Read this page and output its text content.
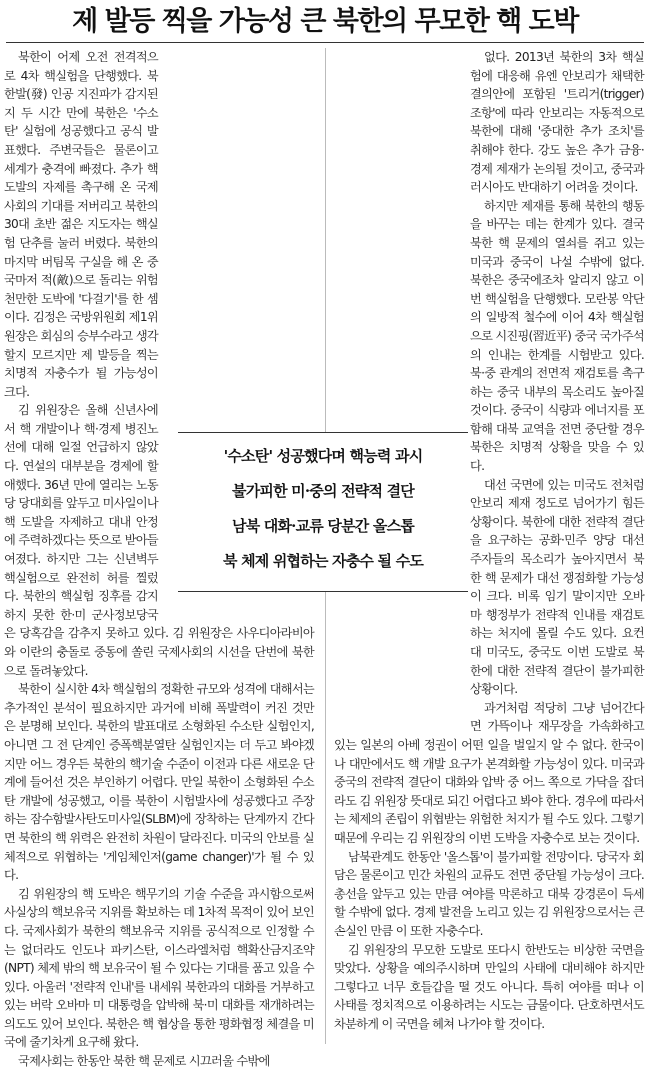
제 발등 찍을 가능성 큰 북한의 무모한 핵 도박

북한이 어제 오전 전격적으로 4차 핵실험을 단행했다. 북한발(發) 인공 지진파가 감지된 지 두 시간 만에 북한은 '수소탄' 실험에 성공했다고 공식 발표했다. 주변국들은 물론이고 세계가 충격에 빠졌다. 추가 핵 도발의 자제를 촉구해 온 국제사회의 기대를 저버리고 북한의 30대 초반 젊은 지도자는 핵실험 단추를 눌러 버렸다. 북한의 마지막 버팀목 구실을 해 온 중국마저 적(敵)으로 돌리는 위험천만한 도박에 '다걸기'를 한 셈이다. 김정은 국방위원회 제1위원장은 회심의 승부수라고 생각할지 모르지만 제 발등을 찍는 치명적 자충수가 될 가능성이 크다.

김 위원장은 올해 신년사에서 핵 개발이나 핵·경제 병진노선에 대해 일절 언급하지 않았다. 연설의 대부분을 경제에 할애했다. 36년 만에 열리는 노동당 당대회를 앞두고 미사일이나 핵 도발을 자제하고 대내 안정에 주력하겠다는 뜻으로 받아들여졌다. 하지만 그는 신년벽두 핵실험으로 완전히 허를 찔렀다. 북한의 핵실험 징후를 감지하지 못한 한·미 군사정보당국은 당혹감을 감추지 못하고 있다. 김 위원장은 사우디아라비아와 이란의 충돌로 중동에 쏠린 국제사회의 시선을 단번에 북한으로 돌려놓았다.

북한이 실시한 4차 핵실험의 정확한 규모와 성격에 대해서는 추가적인 분석이 필요하지만 과거에 비해 폭발력이 커진 것만은 분명해 보인다. 북한의 발표대로 소형화된 수소탄 실험인지, 아니면 그 전 단계인 증폭핵분열탄 실험인지는 더 두고 봐야겠지만 어느 경우든 북한의 핵기술 수준이 이전과 다른 새로운 단계에 들어선 것은 부인하기 어렵다. 만일 북한이 소형화된 수소탄 개발에 성공했고, 이를 북한이 시험발사에 성공했다고 주장하는 잠수함발사탄도미사일(SLBM)에 장착하는 단계까지 간다면 북한의 핵 위력은 완전히 차원이 달라진다. 미국의 안보를 실체적으로 위협하는 '게임체인저(game changer)'가 될 수 있다.

김 위원장의 핵 도박은 핵무기의 기술 수준을 과시함으로써 사실상의 핵보유국 지위를 확보하는 데 1차적 목적이 있어 보인다. 국제사회가 북한의 핵보유국 지위를 공식적으로 인정할 수는 없더라도 인도나 파키스탄, 이스라엘처럼 핵확산금지조약(NPT) 체제 밖의 핵 보유국이 될 수 있다는 기대를 품고 있을 수 있다. 아울러 '전략적 인내'를 내세워 북한과의 대화를 거부하고 있는 버락 오바마 미 대통령을 압박해 북·미 대화를 재개하려는 의도도 있어 보인다. 북한은 핵 협상을 통한 평화협정 체결을 미국에 줄기차게 요구해 왔다.

국제사회는 한동안 북한 핵 문제로 시끄러울 수밖에

없다. 2013년 북한의 3차 핵실험에 대응해 유엔 안보리가 채택한 결의안에 포함된 '트리거(trigger) 조항'에 따라 안보리는 자동적으로 북한에 대해 '중대한 추가 조치'를 취해야 한다. 강도 높은 추가 금융·경제 제재가 논의될 것이고, 중국과 러시아도 반대하기 어려울 것이다.

하지만 제재를 통해 북한의 행동을 바꾸는 데는 한계가 있다. 결국 북한 핵 문제의 열쇠를 쥐고 있는 미국과 중국이 나설 수밖에 없다. 북한은 중국에조차 알리지 않고 이번 핵실험을 단행했다. 모란봉 악단의 일방적 철수에 이어 4차 핵실험으로 시진핑(習近平) 중국 국가주석의 인내는 한계를 시험받고 있다. 북·중 관계의 전면적 재검토를 촉구하는 중국 내부의 목소리도 높아질 것이다. 중국이 식량과 에너지를 포함해 대북 교역을 전면 중단할 경우 북한은 치명적 상황을 맞을 수 있다.

대선 국면에 있는 미국도 전처럼 안보리 제재 정도로 넘어가기 힘든 상황이다. 북한에 대한 전략적 결단을 요구하는 공화·민주 양당 대선 주자들의 목소리가 높아지면서 북한 핵 문제가 대선 쟁점화할 가능성이 크다. 비록 임기 말이지만 오바마 행정부가 전략적 인내를 재검토하는 처지에 몰릴 수도 있다. 요컨대 미국도, 중국도 이번 도발로 북한에 대한 전략적 결단이 불가피한 상황이다.

과거처럼 적당히 그냥 넘어간다면 가뜩이나 재무장을 가속화하고 있는 일본의 아베 정권이 어떤 일을 벌일지 알 수 없다. 한국이나 대만에서도 핵 개발 요구가 본격화할 가능성이 있다. 미국과 중국의 전략적 결단이 대화와 압박 중 어느 쪽으로 가닥을 잡더라도 김 위원장 뜻대로 되긴 어렵다고 봐야 한다. 경우에 따라서는 체제의 존립이 위협받는 위험한 처지가 될 수도 있다. 그렇기 때문에 우리는 김 위원장의 이번 도박을 자충수로 보는 것이다.

남북관계도 한동안 '올스톱'이 불가피할 전망이다. 당국자 회담은 물론이고 민간 차원의 교류도 전면 중단될 가능성이 크다. 총선을 앞두고 있는 만큼 여야를 막론하고 대북 강경론이 득세할 수밖에 없다. 경제 발전을 노리고 있는 김 위원장으로서는 큰 손실인 만큼 이 또한 자충수다.

김 위원장의 무모한 도발로 또다시 한반도는 비상한 국면을 맞았다. 상황을 예의주시하며 만일의 사태에 대비해야 하지만 그렇다고 너무 호들갑을 떨 것도 아니다. 특히 여야를 떠나 이 사태를 정치적으로 이용하려는 시도는 금물이다. 단호하면서도 차분하게 이 국면을 헤쳐 나가야 할 것이다.

'수소탄' 성공했다며 핵능력 과시
불가피한 미·중의 전략적 결단
남북 대화·교류 당분간 올스톱
북 체제 위협하는 자충수 될 수도
